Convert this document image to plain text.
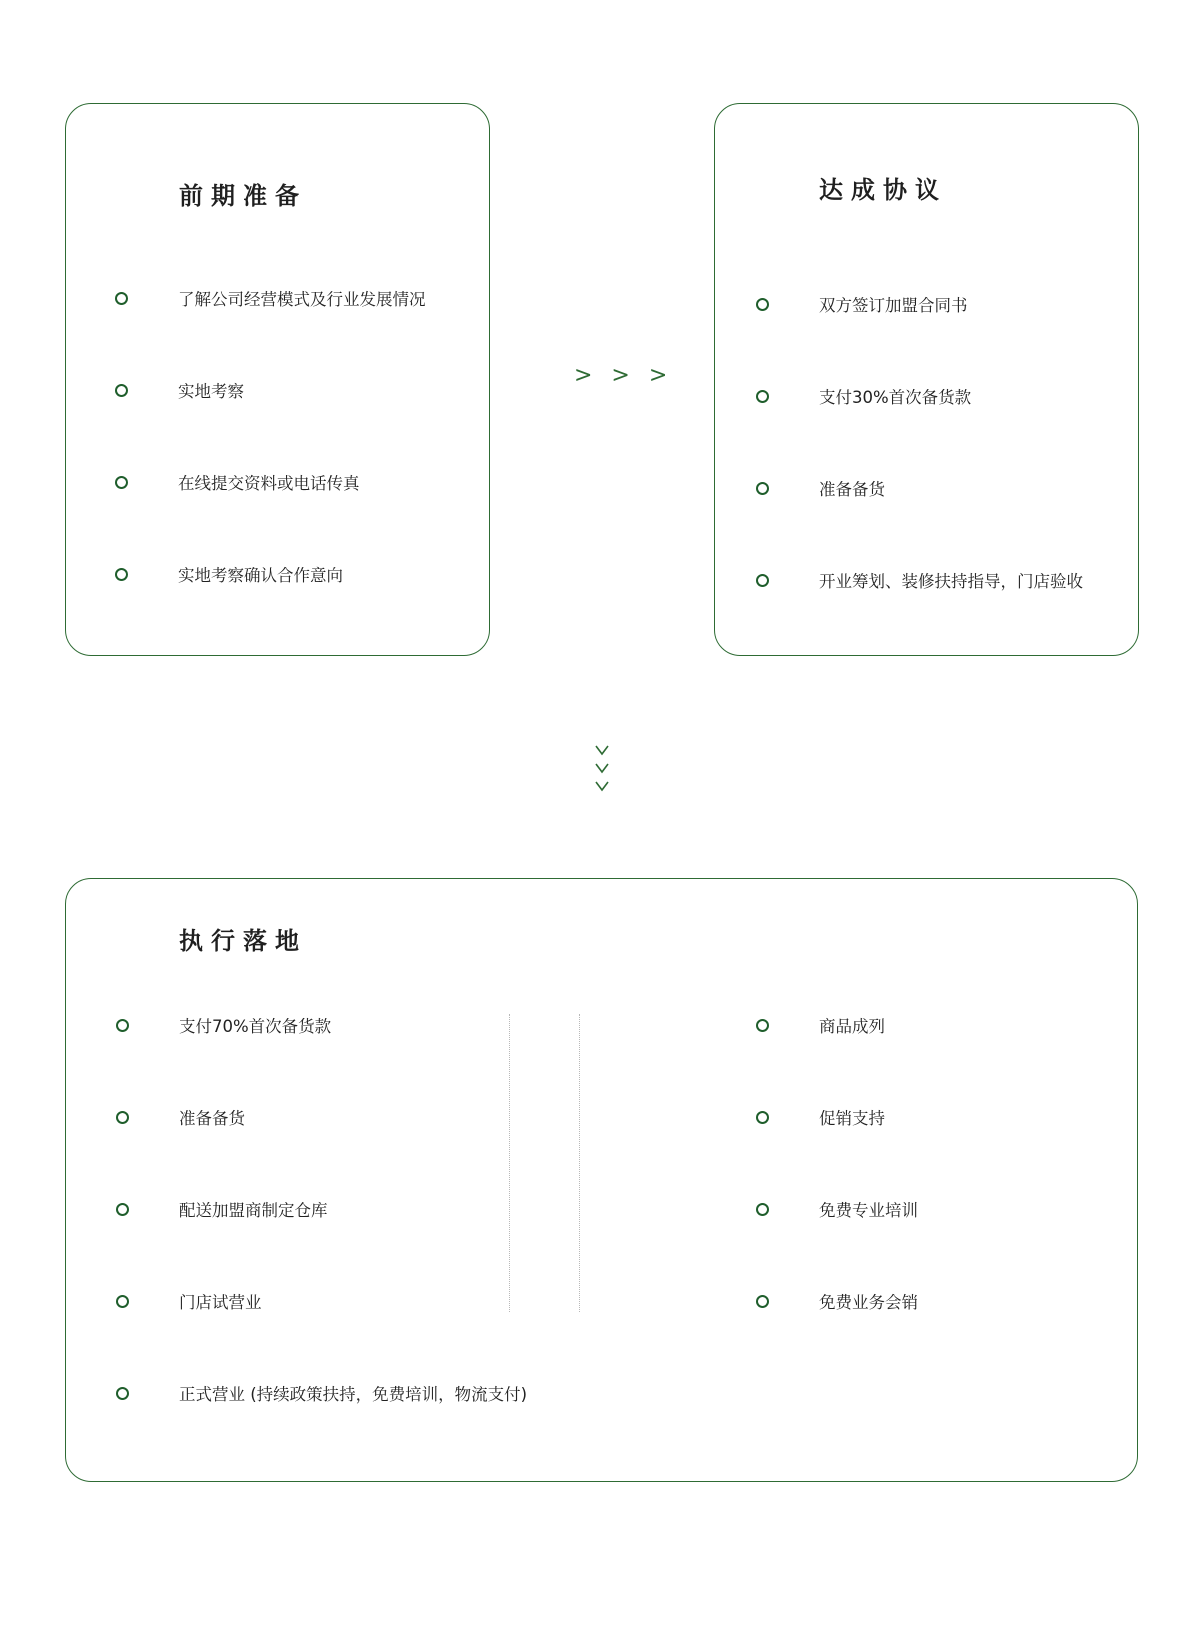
前期准备
了解公司经营模式及行业发展情况
实地考察
在线提交资料或电话传真
实地考察确认合作意向
> > >
达成协议
双方签订加盟合同书
支付30%首次备货款
准备备货
开业筹划、装修扶持指导，门店验收
执行落地
支付70%首次备货款
准备备货
配送加盟商制定仓库
门店试营业
商品成列
促销支持
免费专业培训
免费业务会销
正式营业 (持续政策扶持，免费培训，物流支付)
